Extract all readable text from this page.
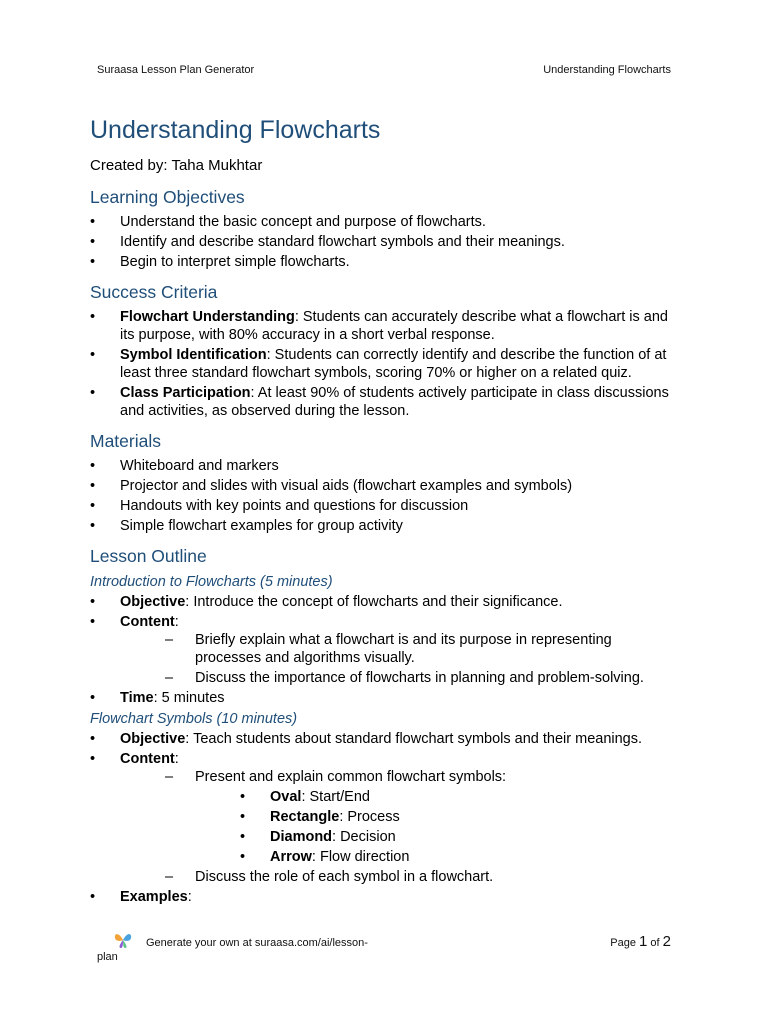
Suraasa Lesson Plan Generator	Understanding Flowcharts
Understanding Flowcharts

Created by: Taha Mukhtar

Learning Objectives
• Understand the basic concept and purpose of flowcharts.
• Identify and describe standard flowchart symbols and their meanings.
• Begin to interpret simple flowcharts.
Success Criteria
• Flowchart Understanding: Students can accurately describe what a flowchart is and its purpose, with 80% accuracy in a short verbal response.
• Symbol Identification: Students can correctly identify and describe the function of at least three standard flowchart symbols, scoring 70% or higher on a related quiz.
• Class Participation: At least 90% of students actively participate in class discussions and activities, as observed during the lesson.
Materials
• Whiteboard and markers
• Projector and slides with visual aids (flowchart examples and symbols)
• Handouts with key points and questions for discussion
• Simple flowchart examples for group activity
Lesson Outline
Introduction to Flowcharts (5 minutes)
• Objective: Introduce the concept of flowcharts and their significance.
• Content:
– Briefly explain what a flowchart is and its purpose in representing processes and algorithms visually.
– Discuss the importance of flowcharts in planning and problem-solving.
• Time: 5 minutes
Flowchart Symbols (10 minutes)
• Objective: Teach students about standard flowchart symbols and their meanings.
• Content:
– Present and explain common flowchart symbols:
• Oval: Start/End
• Rectangle: Process
• Diamond: Decision
• Arrow: Flow direction
– Discuss the role of each symbol in a flowchart.
• Examples:
Generate your own at suraasa.com/ai/lesson-
plan
Page 1 of 2
